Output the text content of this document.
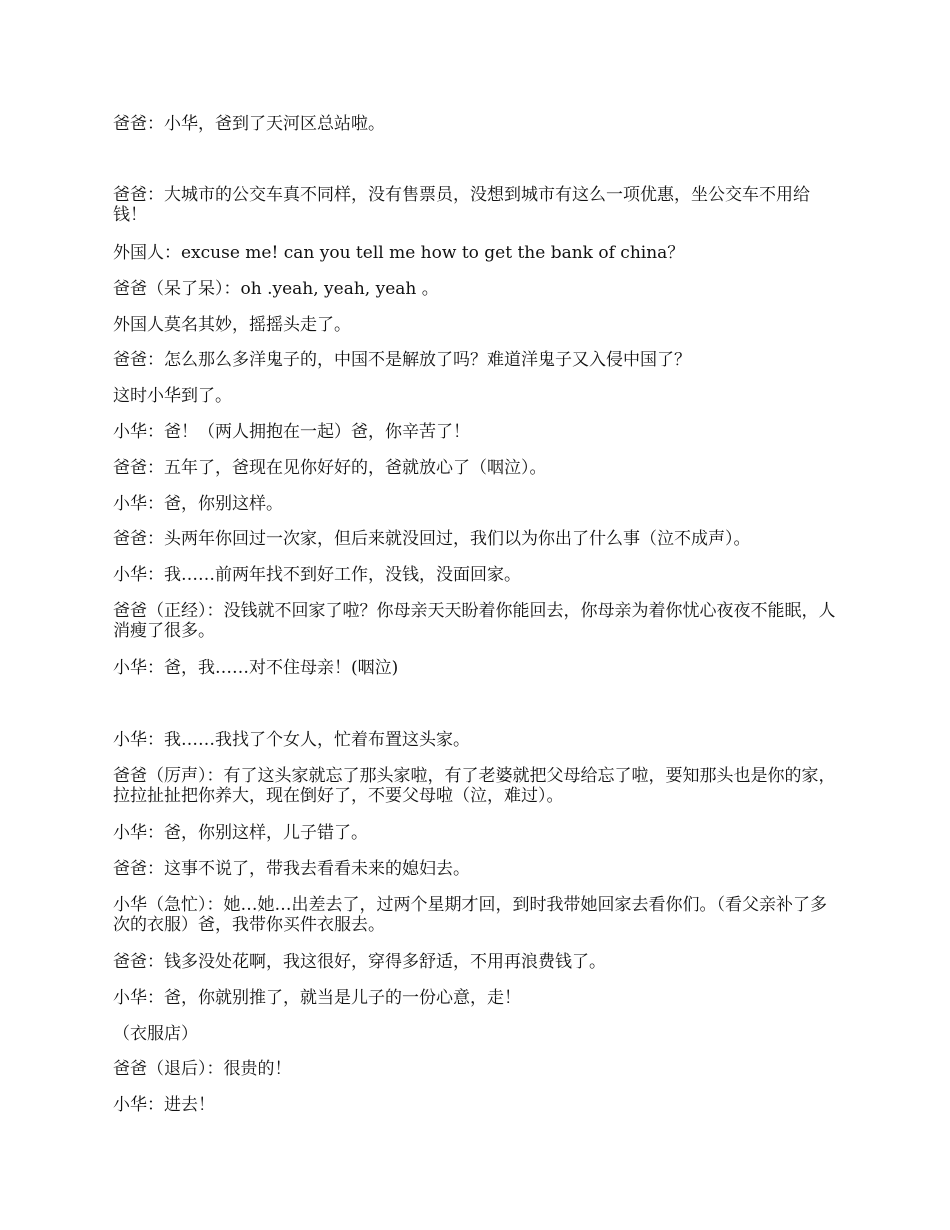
爸爸：小华，爸到了天河区总站啦。

爸爸：大城市的公交车真不同样，没有售票员，没想到城市有这么一项优惠，坐公交车不用给钱！

外国人：excuse me! can you tell me how to get the bank of china？

爸爸（呆了呆）：oh .yeah, yeah, yeah 。

外国人莫名其妙，摇摇头走了。

爸爸：怎么那么多洋鬼子的，中国不是解放了吗？难道洋鬼子又入侵中国了？

这时小华到了。

小华：爸！（两人拥抱在一起）爸，你辛苦了！

爸爸：五年了，爸现在见你好好的，爸就放心了（咽泣）。

小华：爸，你别这样。

爸爸：头两年你回过一次家，但后来就没回过，我们以为你出了什么事（泣不成声）。

小华：我……前两年找不到好工作，没钱，没面回家。

爸爸（正经）：没钱就不回家了啦？你母亲天天盼着你能回去，你母亲为着你忧心夜夜不能眠，人消瘦了很多。

小华：爸，我……对不住母亲！(咽泣)

小华：我……我找了个女人，忙着布置这头家。

爸爸（厉声）：有了这头家就忘了那头家啦，有了老婆就把父母给忘了啦，要知那头也是你的家，拉拉扯扯把你养大，现在倒好了，不要父母啦（泣，难过）。

小华：爸，你别这样，儿子错了。

爸爸：这事不说了，带我去看看未来的媳妇去。

小华（急忙）：她…她…出差去了，过两个星期才回，到时我带她回家去看你们。（看父亲补了多次的衣服）爸，我带你买件衣服去。

爸爸：钱多没处花啊，我这很好，穿得多舒适，不用再浪费钱了。

小华：爸，你就别推了，就当是儿子的一份心意，走！

（衣服店）

爸爸（退后）：很贵的！

小华：进去！
